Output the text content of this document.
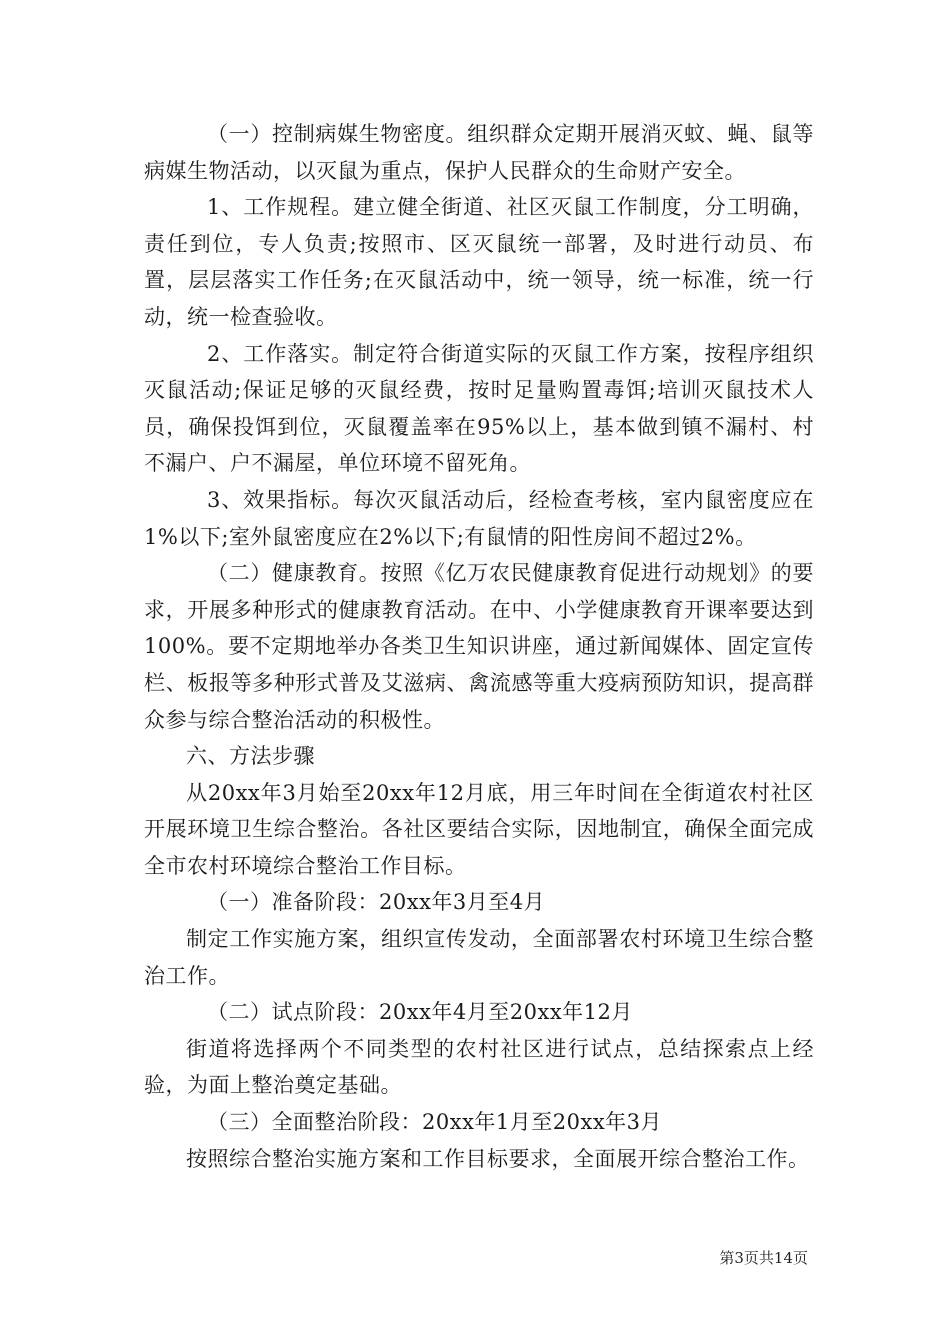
（一）控制病媒生物密度。组织群众定期开展消灭蚊、蝇、鼠等病媒生物活动，以灭鼠为重点，保护人民群众的生命财产安全。

1、工作规程。建立健全街道、社区灭鼠工作制度，分工明确，责任到位，专人负责;按照市、区灭鼠统一部署，及时进行动员、布置，层层落实工作任务;在灭鼠活动中，统一领导，统一标准，统一行动，统一检查验收。

2、工作落实。制定符合街道实际的灭鼠工作方案，按程序组织灭鼠活动;保证足够的灭鼠经费，按时足量购置毒饵;培训灭鼠技术人员，确保投饵到位，灭鼠覆盖率在95%以上，基本做到镇不漏村、村不漏户、户不漏屋，单位环境不留死角。

3、效果指标。每次灭鼠活动后，经检查考核，室内鼠密度应在1%以下;室外鼠密度应在2%以下;有鼠情的阳性房间不超过2%。

（二）健康教育。按照《亿万农民健康教育促进行动规划》的要求，开展多种形式的健康教育活动。在中、小学健康教育开课率要达到100%。要不定期地举办各类卫生知识讲座，通过新闻媒体、固定宣传栏、板报等多种形式普及艾滋病、禽流感等重大疫病预防知识，提高群众参与综合整治活动的积极性。

六、方法步骤

从20xx年3月始至20xx年12月底，用三年时间在全街道农村社区开展环境卫生综合整治。各社区要结合实际，因地制宜，确保全面完成全市农村环境综合整治工作目标。

（一）准备阶段：20xx年3月至4月

制定工作实施方案，组织宣传发动，全面部署农村环境卫生综合整治工作。

（二）试点阶段：20xx年4月至20xx年12月

街道将选择两个不同类型的农村社区进行试点，总结探索点上经验，为面上整治奠定基础。

（三）全面整治阶段：20xx年1月至20xx年3月

按照综合整治实施方案和工作目标要求，全面展开综合整治工作。

第3页共14页
